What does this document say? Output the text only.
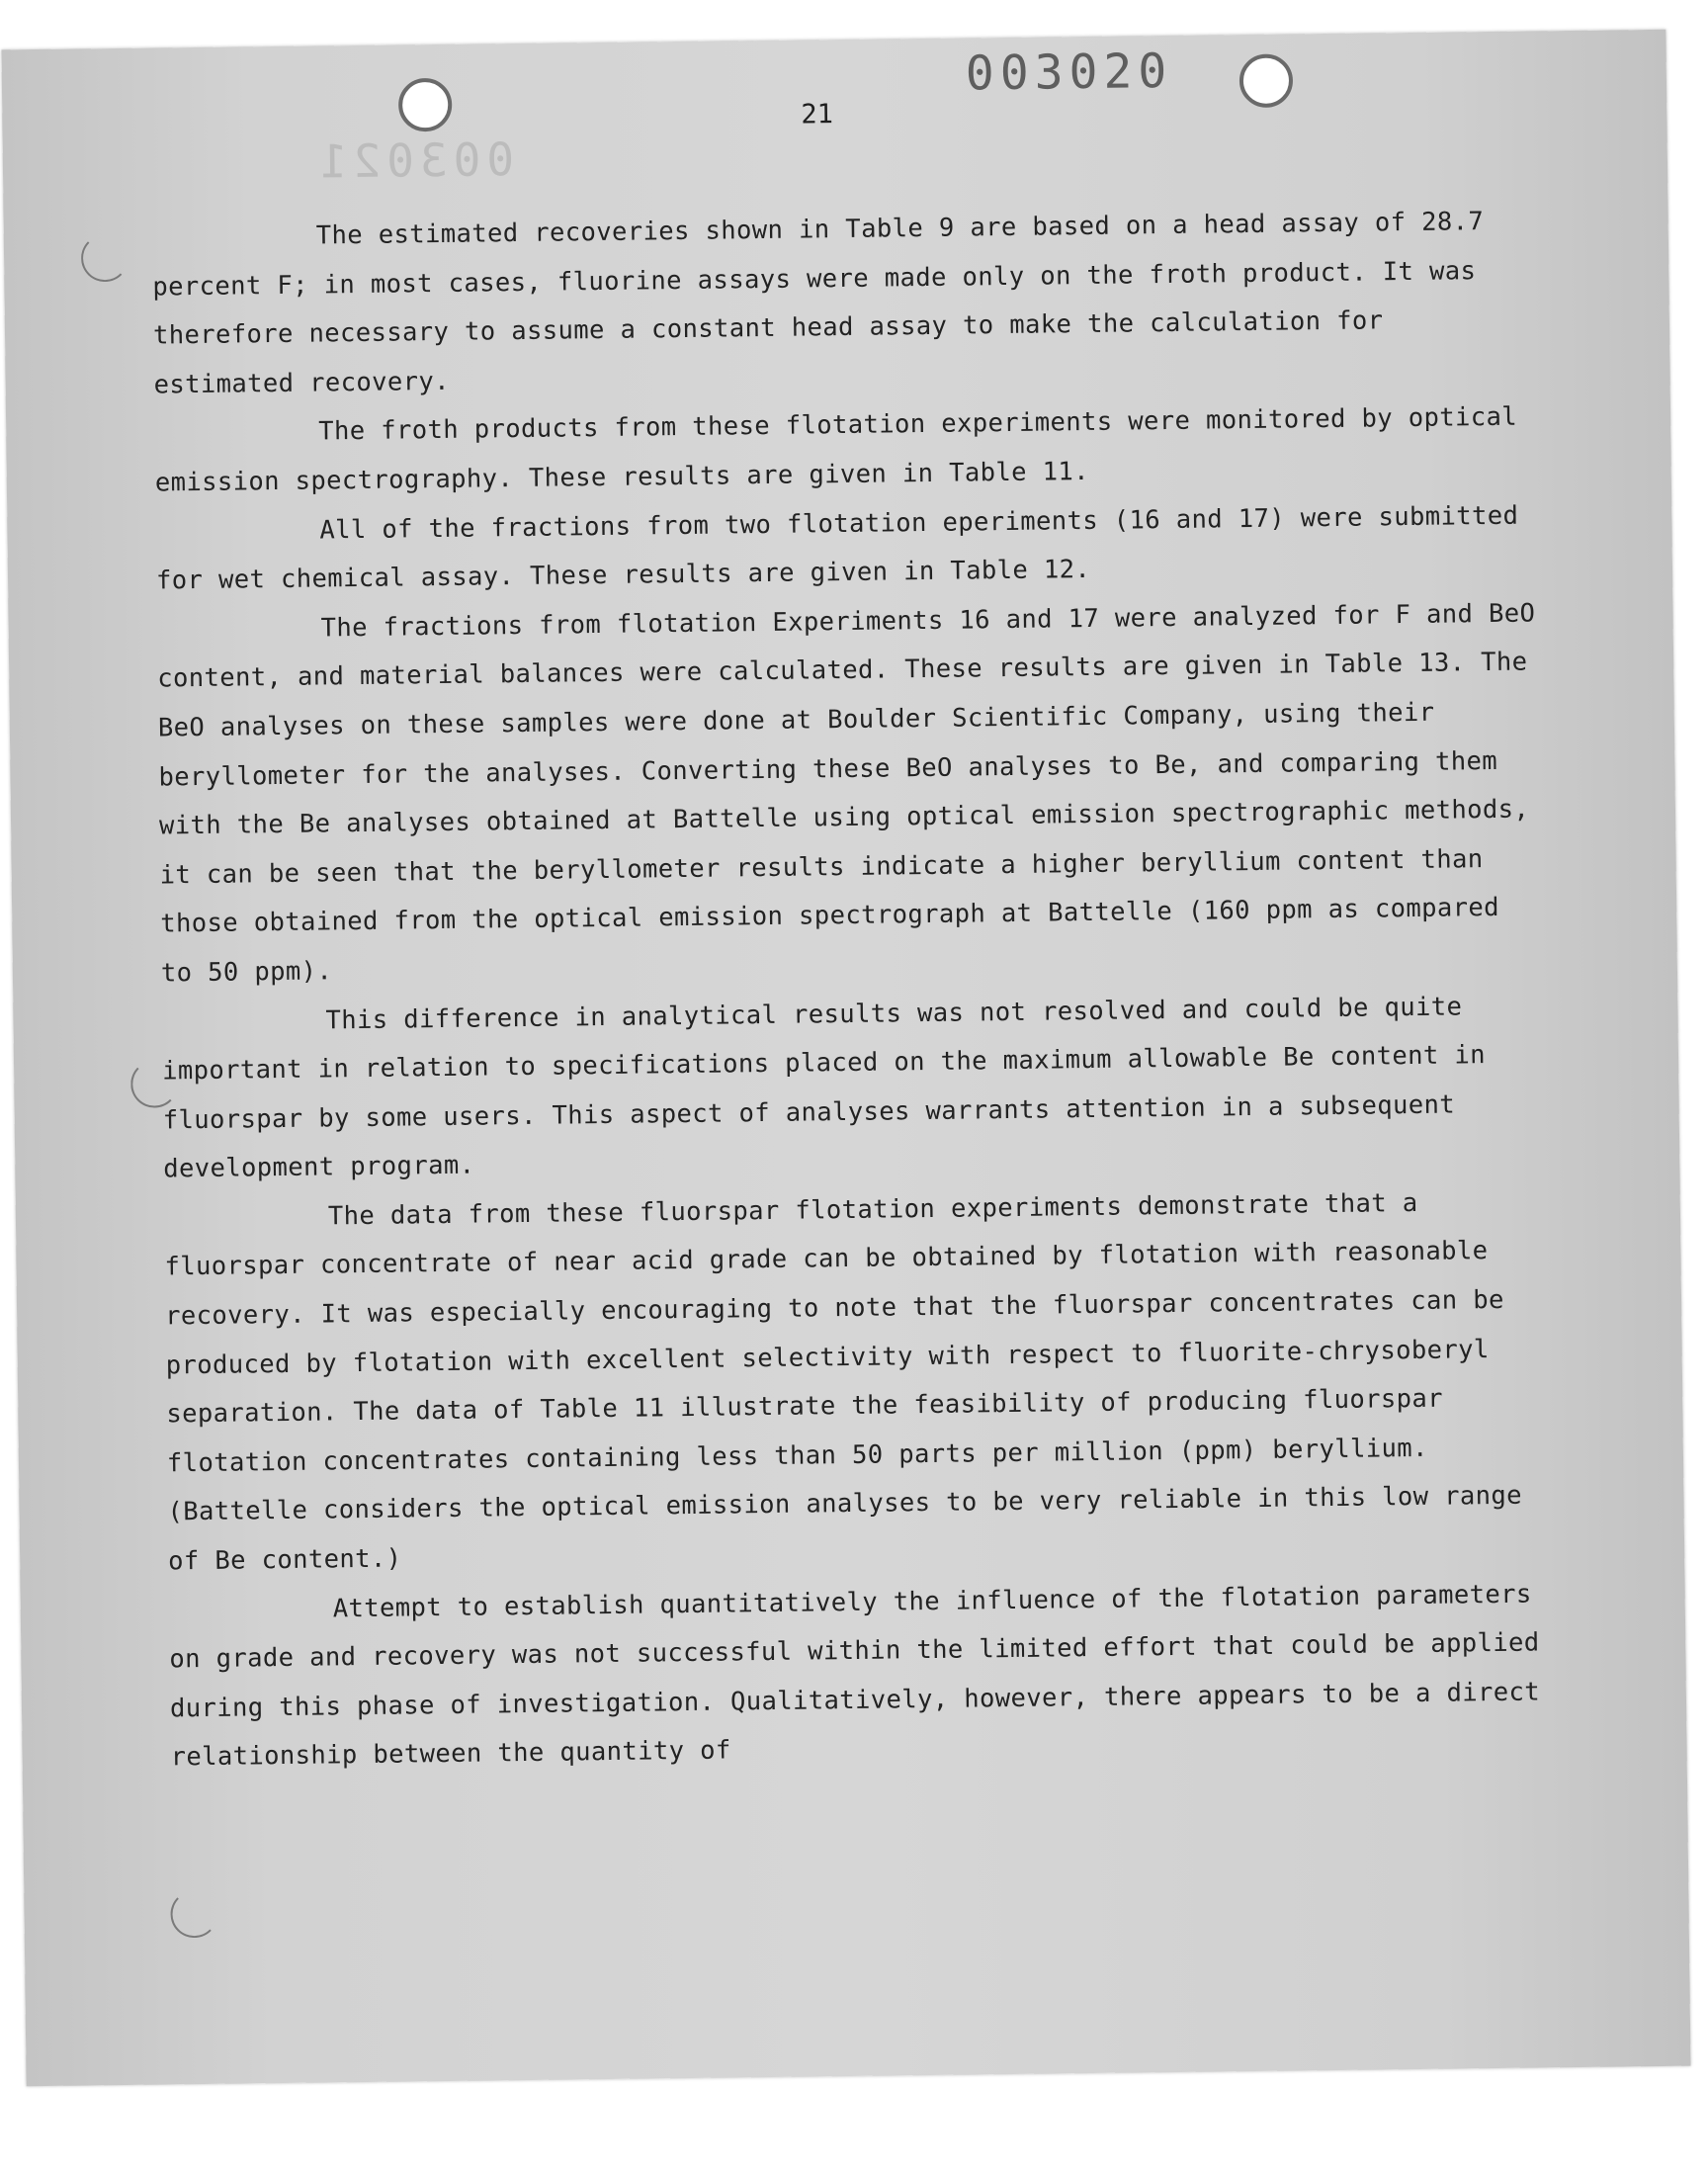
003020
003021
21

The estimated recoveries shown in Table 9 are based on a head assay of 28.7 percent F; in most cases, fluorine assays were made only on the froth product. It was therefore necessary to assume a constant head assay to make the calculation for estimated recovery.

The froth products from these flotation experiments were monitored by optical emission spectrography. These results are given in Table 11.

All of the fractions from two flotation eperiments (16 and 17) were submitted for wet chemical assay. These results are given in Table 12.

The fractions from flotation Experiments 16 and 17 were analyzed for F and BeO content, and material balances were calculated. These results are given in Table 13. The BeO analyses on these samples were done at Boulder Scientific Company, using their beryllometer for the analyses. Converting these BeO analyses to Be, and comparing them with the Be analyses obtained at Battelle using optical emission spectrographic methods, it can be seen that the beryllometer results indicate a higher beryllium content than those obtained from the optical emission spectrograph at Battelle (160 ppm as compared to 50 ppm).

This difference in analytical results was not resolved and could be quite important in relation to specifications placed on the maximum allowable Be content in fluorspar by some users. This aspect of analyses warrants attention in a subsequent development program.

The data from these fluorspar flotation experiments demonstrate that a fluorspar concentrate of near acid grade can be obtained by flotation with reasonable recovery. It was especially encouraging to note that the fluorspar concentrates can be produced by flotation with excellent selectivity with respect to fluorite-chrysoberyl separation. The data of Table 11 illustrate the feasibility of producing fluorspar flotation concentrates containing less than 50 parts per million (ppm) beryllium. (Battelle considers the optical emission analyses to be very reliable in this low range of Be content.)

Attempt to establish quantitatively the influence of the flotation parameters on grade and recovery was not successful within the limited effort that could be applied during this phase of investigation. Qualitatively, however, there appears to be a direct relationship between the quantity of
